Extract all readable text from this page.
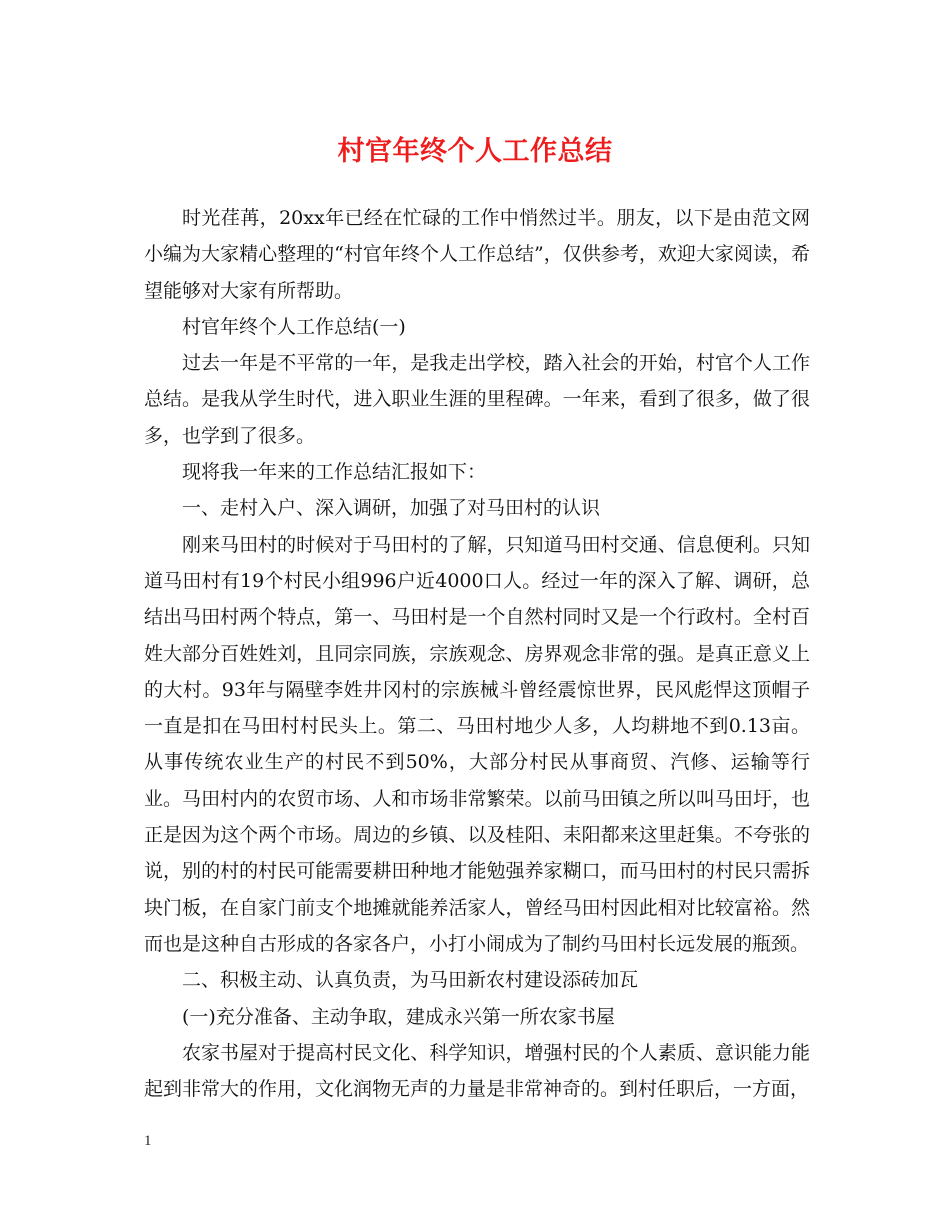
村官年终个人工作总结

时光荏苒，20xx年已经在忙碌的工作中悄然过半。朋友，以下是由范文网小编为大家精心整理的“村官年终个人工作总结”，仅供参考，欢迎大家阅读，希望能够对大家有所帮助。

村官年终个人工作总结(一)

过去一年是不平常的一年，是我走出学校，踏入社会的开始，村官个人工作总结。是我从学生时代，进入职业生涯的里程碑。一年来，看到了很多，做了很多，也学到了很多。

现将我一年来的工作总结汇报如下：

一、走村入户、深入调研，加强了对马田村的认识

刚来马田村的时候对于马田村的了解，只知道马田村交通、信息便利。只知道马田村有19个村民小组996户近4000口人。经过一年的深入了解、调研，总结出马田村两个特点，第一、马田村是一个自然村同时又是一个行政村。全村百姓大部分百姓姓刘，且同宗同族，宗族观念、房界观念非常的强。是真正意义上的大村。93年与隔壁李姓井冈村的宗族械斗曾经震惊世界，民风彪悍这顶帽子一直是扣在马田村村民头上。第二、马田村地少人多，人均耕地不到0.13亩。从事传统农业生产的村民不到50%，大部分村民从事商贸、汽修、运输等行业。马田村内的农贸市场、人和市场非常繁荣。以前马田镇之所以叫马田圩，也正是因为这个两个市场。周边的乡镇、以及桂阳、耒阳都来这里赶集。不夸张的说，别的村的村民可能需要耕田种地才能勉强养家糊口，而马田村的村民只需拆块门板，在自家门前支个地摊就能养活家人，曾经马田村因此相对比较富裕。然而也是这种自古形成的各家各户，小打小闹成为了制约马田村长远发展的瓶颈。

二、积极主动、认真负责，为马田新农村建设添砖加瓦

(一)充分准备、主动争取，建成永兴第一所农家书屋

农家书屋对于提高村民文化、科学知识，增强村民的个人素质、意识能力能起到非常大的作用，文化润物无声的力量是非常神奇的。到村任职后，一方面，

1
